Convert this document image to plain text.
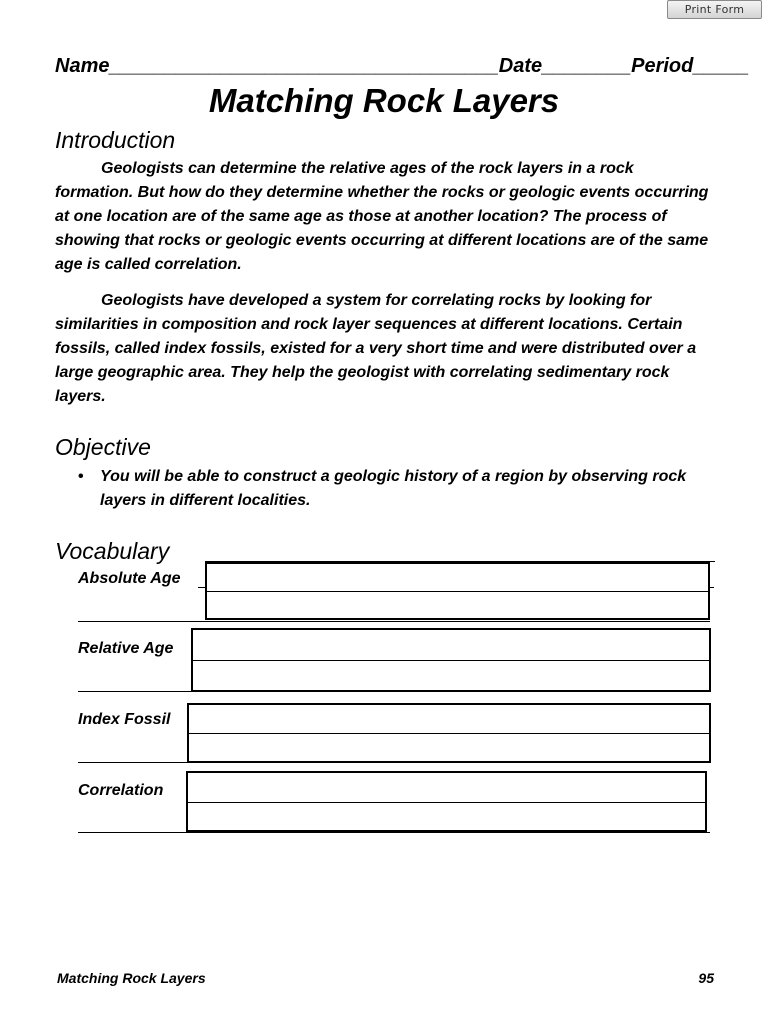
Print Form
Name___________________________________Date________Period_____
Matching Rock Layers
Introduction
Geologists can determine the relative ages of the rock layers in a rock formation. But how do they determine whether the rocks or geologic events occurring at one location are of the same age as those at another location? The process of showing that rocks or geologic events occurring at different locations are of the same age is called correlation.
Geologists have developed a system for correlating rocks by looking for similarities in composition and rock layer sequences at different locations. Certain fossils, called index fossils, existed for a very short time and were distributed over a large geographic area. They help the geologist with correlating sedimentary rock layers.
Objective
•	You will be able to construct a geologic history of a region by observing rock layers in different localities.
Vocabulary
Absolute Age
Relative Age
Index Fossil
Correlation
Matching Rock Layers	95
